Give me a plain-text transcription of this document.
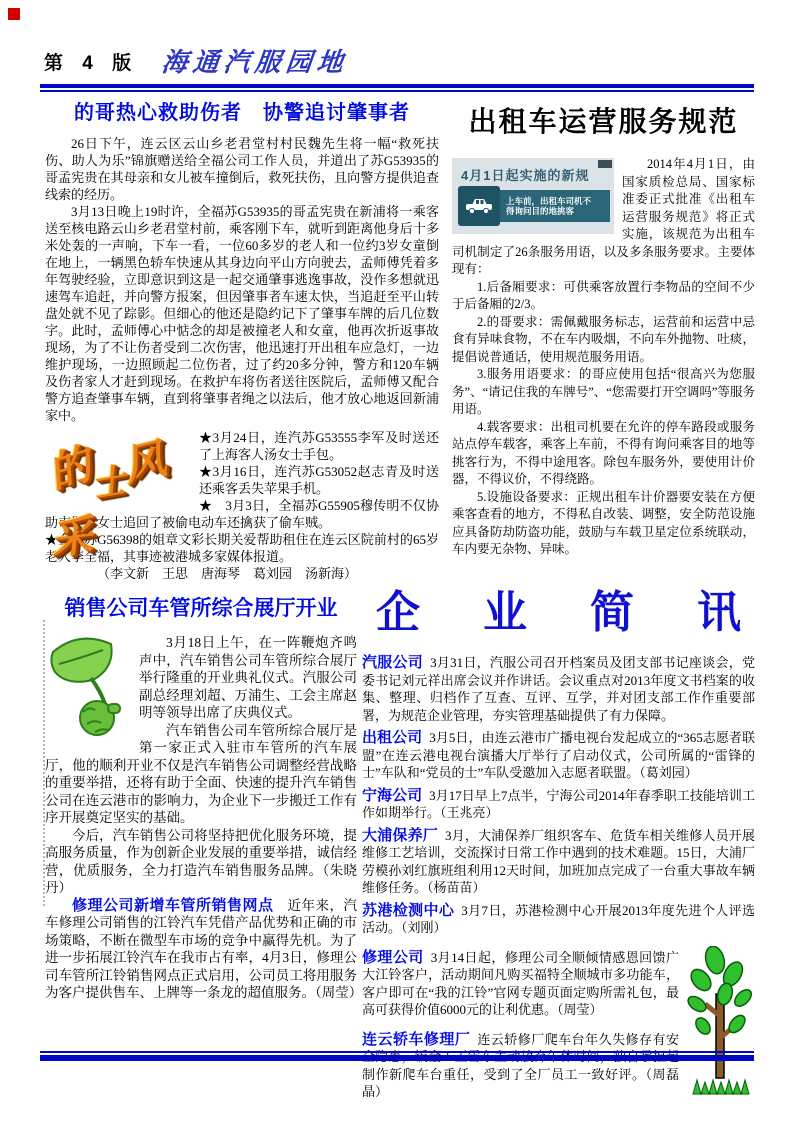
第 4 版 海通汽服园地
的哥热心救助伤者　协警追讨肇事者

26日下午，连云区云山乡老君堂村村民魏先生将一幅“救死扶伤、助人为乐”锦旗赠送给全福公司工作人员，并道出了苏G53935的哥孟宪贵在其母亲和女儿被车撞倒后，救死扶伤，且向警方提供追查线索的经历。

3月13日晚上19时许，全福苏G53935的哥孟宪贵在新浦将一乘客送至核电路云山乡老君堂村前，乘客刚下车，就听到距离他身后十多米处轰的一声响，下车一看，一位60多岁的老人和一位约3岁女童倒在地上，一辆黑色轿车快速从其身边向平山方向驶去，孟师傅凭着多年驾驶经验，立即意识到这是一起交通肇事逃逸事故，没作多想就迅速驾车追赶，并向警方报案，但因肇事者车速太快，当追赶至平山转盘处就不见了踪影。但细心的他还是隐约记下了肇事车牌的后几位数字。此时，孟师傅心中惦念的却是被撞老人和女童，他再次折返事故现场，为了不让伤者受到二次伤害，他迅速打开出租车应急灯，一边维护现场，一边照顾起二位伤者，过了约20多分钟，警方和120车辆及伤者家人才赶到现场。在救护车将伤者送往医院后，孟师傅又配合警方追查肇事车辆，直到将肇事者绳之以法后，他才放心地返回新浦家中。

的士风采

★3月24日，连汽苏G53555李军及时送还了上海客人汤女士手包。

★3月16日，连汽苏G53052赵志青及时送还乘客丢失苹果手机。

★　3月3日，全福苏G55905穆传明不仅协助市民王女士追回了被偷电动车还擒获了偷车贼。

★全福苏G56398的姐章文彩长期关爱帮助租住在连云区院前村的65岁老人李全福，其事迹被港城多家媒体报道。

（李文新　王思　唐海琴　葛刘园　汤新海）

出租车运营服务规范
4月1日起实施的新规
上车前，出租车司机不
得询问目的地挑客

2014年4月1日，由国家质检总局、国家标准委正式批准《出租车运营服务规范》将正式实施，该规范为出租车司机制定了26条服务用语，以及多条服务要求。主要体现有：

1.后备厢要求：可供乘客放置行李物品的空间不少于后备厢的2/3。

2.的哥要求：需佩戴服务标志，运营前和运营中忌食有异味食物，不在车内吸烟，不向车外抛物、吐痰，提倡说普通话，使用规范服务用语。

3.服务用语要求：的哥应使用包括“很高兴为您服务”、“请记住我的车牌号”、“您需要打开空调吗”等服务用语。

4.载客要求：出租司机要在允许的停车路段或服务站点停车载客，乘客上车前，不得有询问乘客目的地等挑客行为，不得中途甩客。除包车服务外，要使用计价器，不得议价，不得绕路。

5.设施设备要求：正规出租车计价器要安装在方便乘客查看的地方，不得私自改装、调整，安全防范设施应具备防劫防盗功能，鼓励与车载卫星定位系统联动，车内要无杂物、异味。

销售公司车管所综合展厅开业

3月18日上午，在一阵鞭炮齐鸣声中，汽车销售公司车管所综合展厅举行隆重的开业典礼仪式。汽服公司副总经理刘超、万浦生、工会主席赵明等领导出席了庆典仪式。

汽车销售公司车管所综合展厅是第一家正式入驻市车管所的汽车展厅，他的顺利开业不仅是汽车销售公司调整经营战略的重要举措，还将有助于全面、快速的提升汽车销售公司在连云港市的影响力，为企业下一步搬迁工作有序开展奠定坚实的基础。

今后，汽车销售公司将坚持把优化服务环境，提高服务质量，作为创新企业发展的重要举措，诚信经营，优质服务，全力打造汽车销售服务品牌。（朱晓丹）

修理公司新增车管所销售网点　 近年来，汽车修理公司销售的江铃汽车凭借产品优势和正确的市场策略，不断在微型车市场的竞争中赢得先机。为了进一步拓展江铃汽车在我市占有率，4月3日，修理公司车管所江铃销售网点正式启用，公司员工将用服务为客户提供售车、上牌等一条龙的超值服务。（周莹）

企 业 简 讯

汽服公司 3月31日，汽服公司召开档案员及团支部书记座谈会，党委书记刘元祥出席会议并作讲话。会议重点对2013年度文书档案的收集、整理、归档作了互查、互评、互学，并对团支部工作作重要部署，为规范企业管理，夯实管理基础提供了有力保障。

出租公司 3月5日，由连云港市广播电视台发起成立的“365志愿者联盟”在连云港电视台演播大厅举行了启动仪式，公司所属的“雷锋的士”车队和“党员的士”车队受邀加入志愿者联盟。（葛刘园）

宁海公司 3月17日早上7点半，宁海公司2014年春季职工技能培训工作如期举行。（王兆亮）

大浦保养厂 3月，大浦保养厂组织客车、危货车相关维修人员开展维修工艺培训，交流探讨日常工作中遇到的技术难题。15日，大浦厂劳模孙刘红旗班组利用12天时间，加班加点完成了一台重大事故车辆维修任务。（杨苗苗）

苏港检测中心 3月7日，苏港检测中心开展2013年度先进个人评选活动。（刘刚）

修理公司 3月14日起，修理公司全顺倾情感恩回馈广大江铃客户，活动期间凡购买福特全顺城市多功能车，客户即可在“我的江铃”官网专题页面定购所需礼包，最高可获得价值6000元的让利优惠。（周莹）

连云轿车修理厂 连云轿修厂爬车台年久失修存有安全隐患，钣金工王雪东主动放弃午休时间，独自承担起制作新爬车台重任，受到了全厂员工一致好评。（周磊晶）
